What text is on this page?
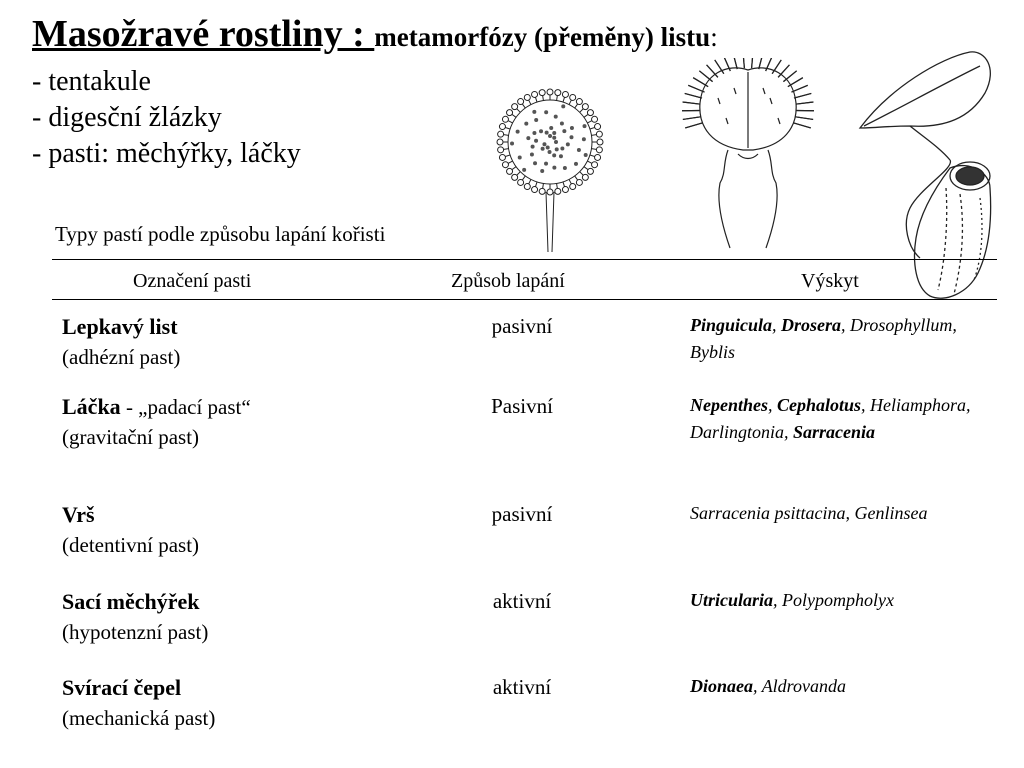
Masožravé rostliny : metamorfózy (přeměny) listu:
- tentakule
- digesční žlázky
- pasti: měchýřky, láčky
Typy pastí podle způsobu lapání kořisti
Označení pasti	Způsob lapání	Výskyt
Lepkavý list
(adhézní past)
pasivní	Pinguicula, Drosera, Drosophyllum, Byblis
Láčka - „padací past“
(gravitační past)
Pasivní	Nepenthes, Cephalotus, Heliamphora, Darlingtonia, Sarracenia
Vrš
(detentivní past)
pasivní	Sarracenia psittacina, Genlinsea
Sací měchýřek
(hypotenzní past)
aktivní	Utricularia, Polypompholyx
Svírací čepel
(mechanická past)
aktivní	Dionaea, Aldrovanda
